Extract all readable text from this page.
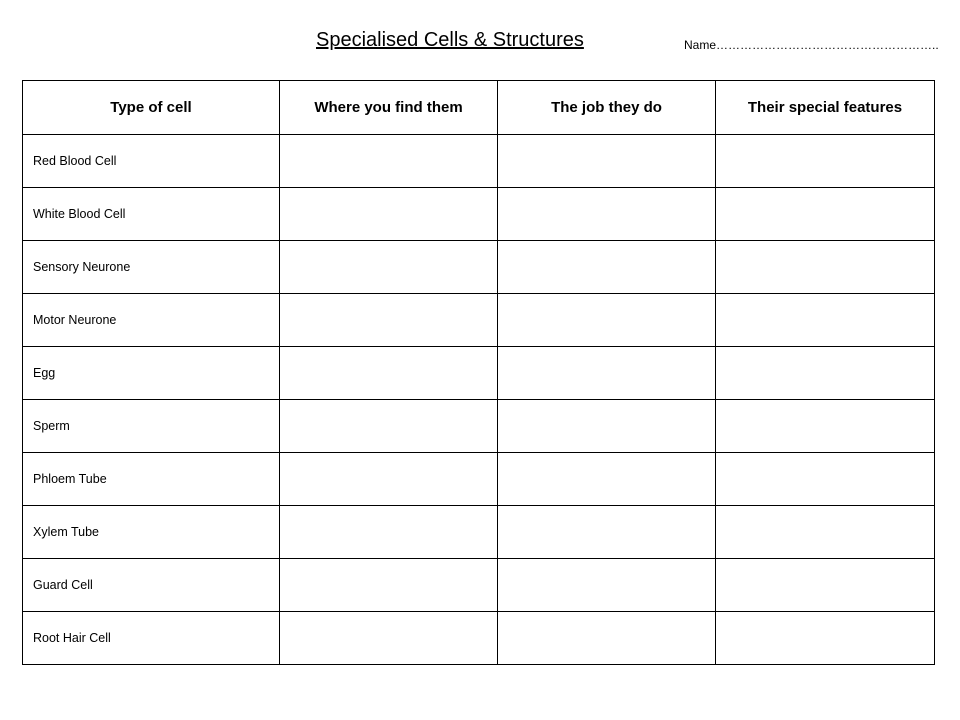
Specialised Cells & Structures	Name………………………………………………..
Type of cell	Where you find them	The job they do	Their special features
Red Blood Cell			
White Blood Cell			
Sensory Neurone			
Motor Neurone			
Egg			
Sperm			
Phloem Tube			
Xylem Tube			
Guard Cell			
Root Hair Cell			
